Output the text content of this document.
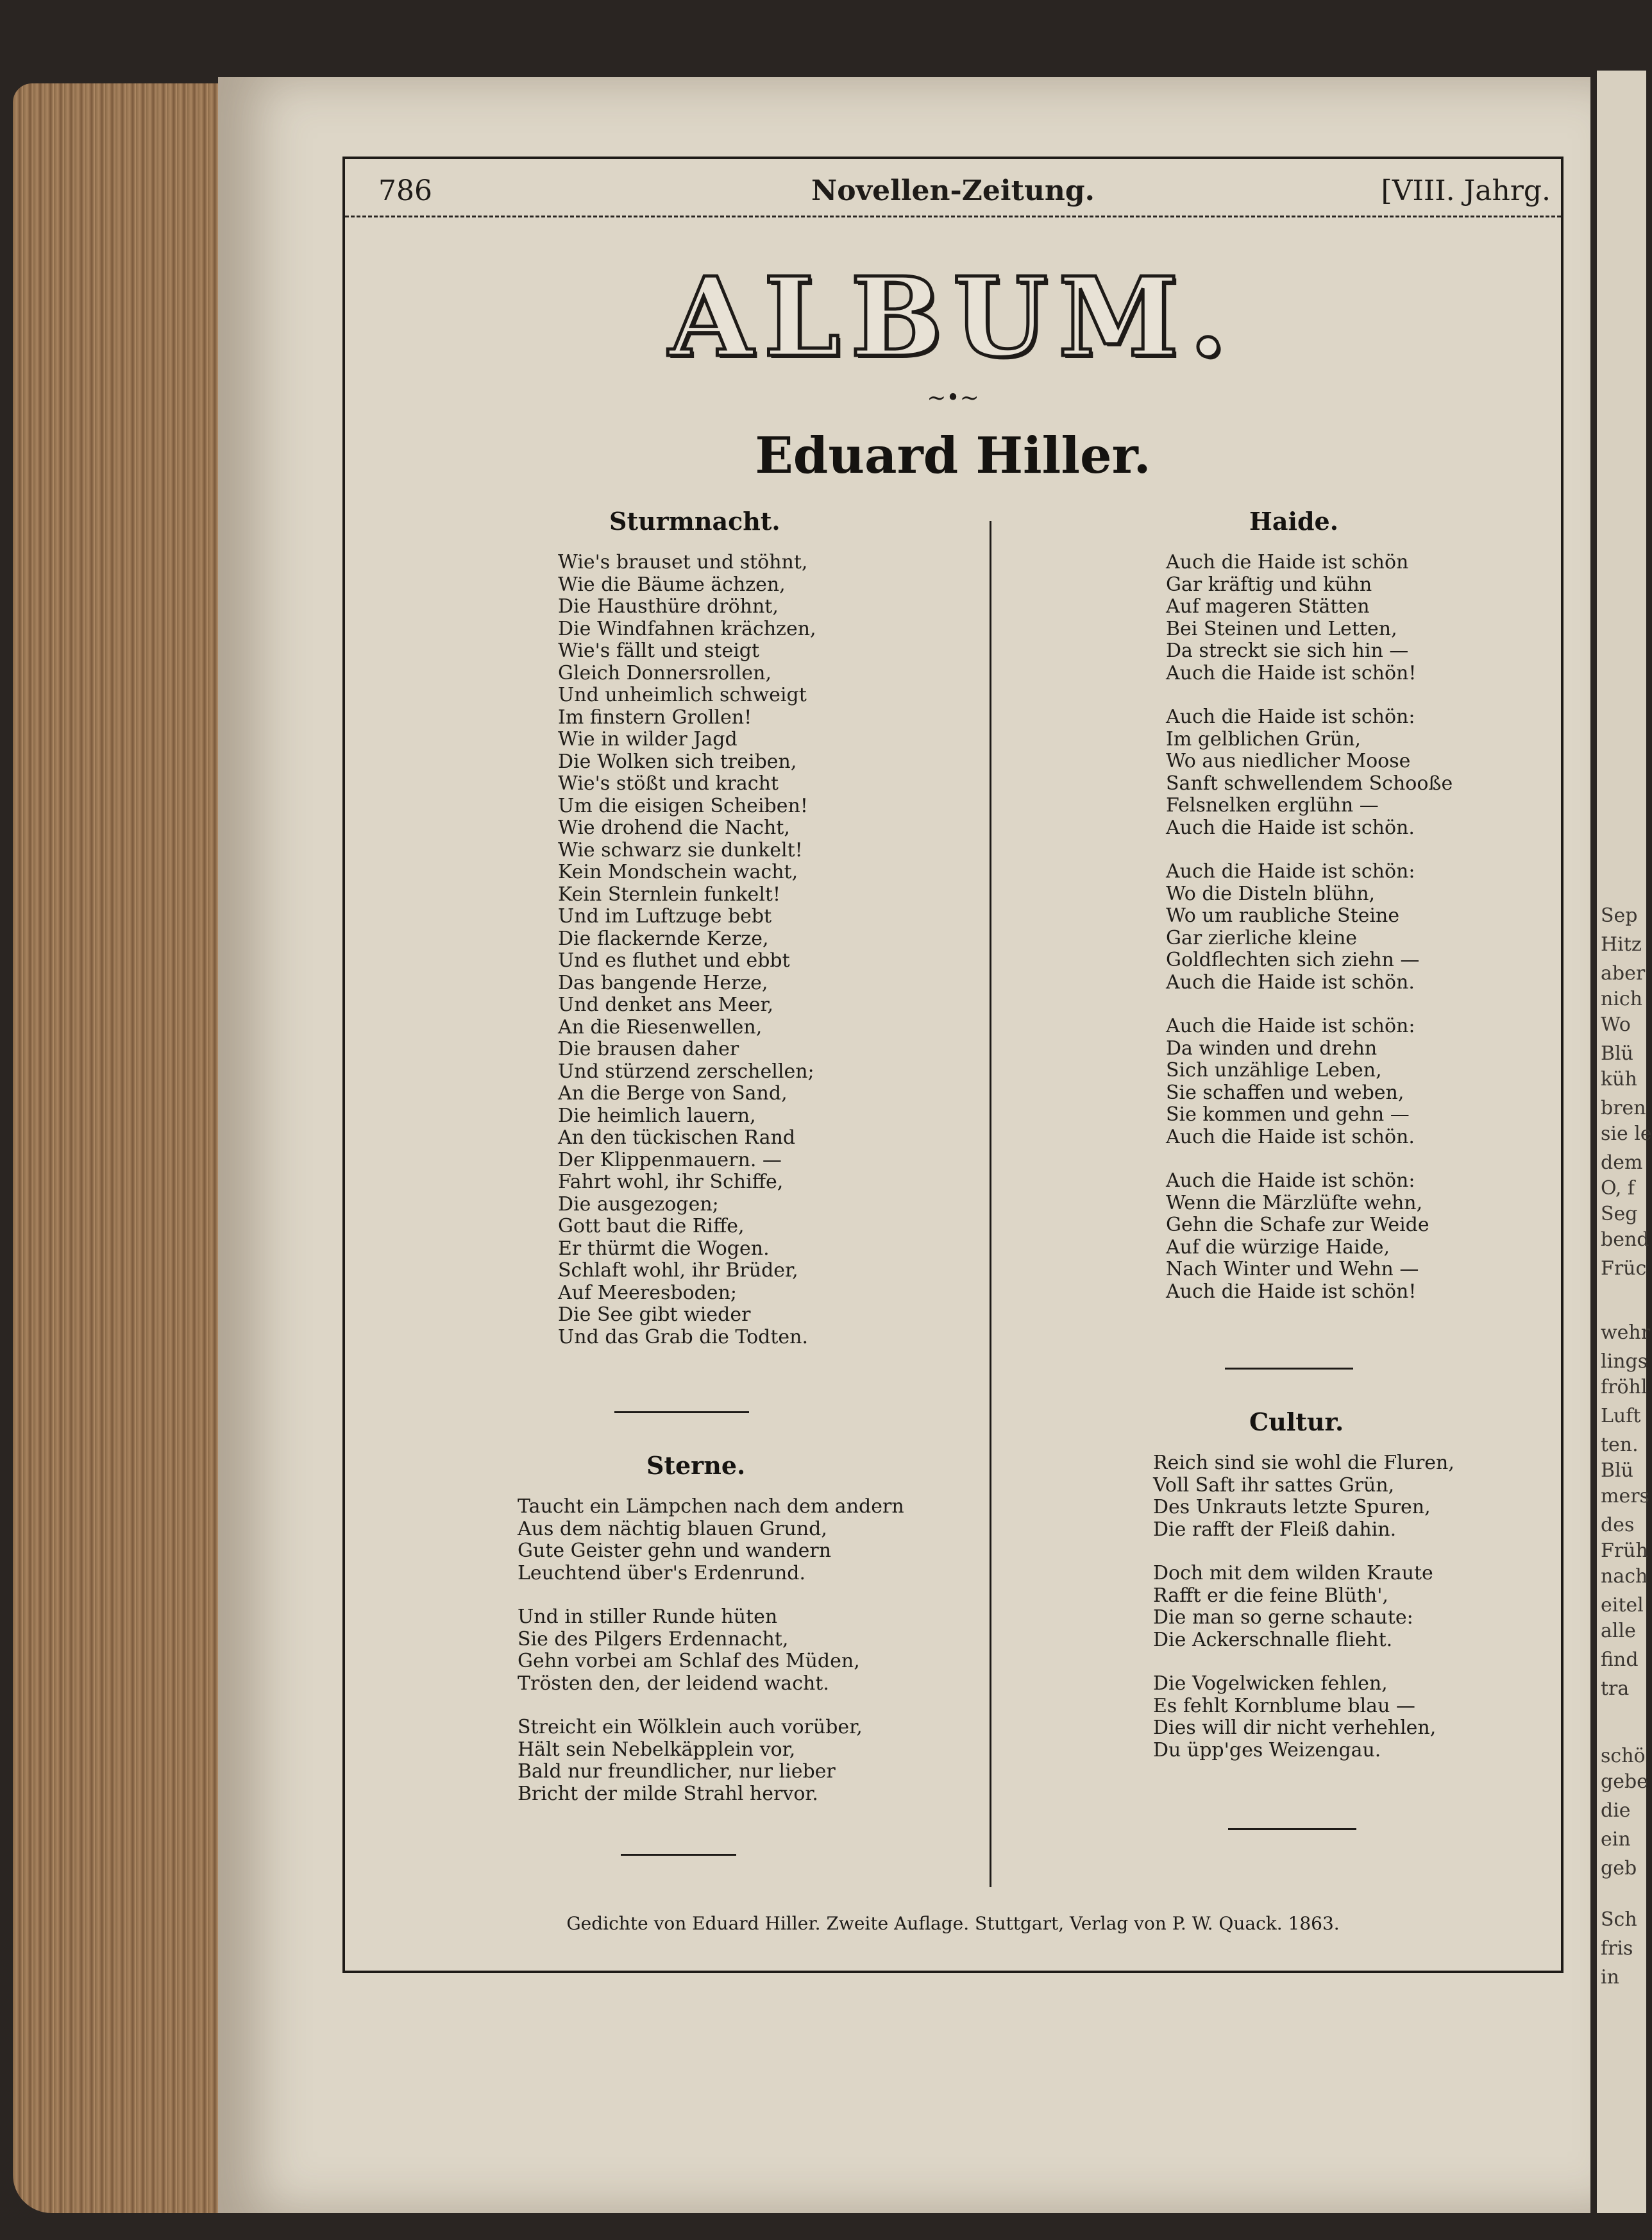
Sep
Hitz
aber
nich
Wo
Blü
küh
bren
sie le
dem
O, f
Seg
bend
Früc
wehr
lings
fröhl
Luft
ten.
Blü
mers
des
Früh
nach
eitel
alle
find
tra
schö
gebe
die
ein
geb
Sch
fris
in
786	Novellen-Zeitung.	[VIII. Jahrg.
ALBUM.
~•~
Eduard Hiller.
Sturmnacht.
Wie's brauset und stöhnt,
Wie die Bäume ächzen,
Die Hausthüre dröhnt,
Die Windfahnen krächzen,
Wie's fällt und steigt
Gleich Donnersrollen,
Und unheimlich schweigt
Im finstern Grollen!
Wie in wilder Jagd
Die Wolken sich treiben,
Wie's stößt und kracht
Um die eisigen Scheiben!
Wie drohend die Nacht,
Wie schwarz sie dunkelt!
Kein Mondschein wacht,
Kein Sternlein funkelt!
Und im Luftzuge bebt
Die flackernde Kerze,
Und es fluthet und ebbt
Das bangende Herze,
Und denket ans Meer,
An die Riesenwellen,
Die brausen daher
Und stürzend zerschellen;
An die Berge von Sand,
Die heimlich lauern,
An den tückischen Rand
Der Klippenmauern. —
Fahrt wohl, ihr Schiffe,
Die ausgezogen;
Gott baut die Riffe,
Er thürmt die Wogen.
Schlaft wohl, ihr Brüder,
Auf Meeresboden;
Die See gibt wieder
Und das Grab die Todten.
Sterne.
Taucht ein Lämpchen nach dem andern
Aus dem nächtig blauen Grund,
Gute Geister gehn und wandern
Leuchtend über's Erdenrund.
Und in stiller Runde hüten
Sie des Pilgers Erdennacht,
Gehn vorbei am Schlaf des Müden,
Trösten den, der leidend wacht.
Streicht ein Wölklein auch vorüber,
Hält sein Nebelkäpplein vor,
Bald nur freundlicher, nur lieber
Bricht der milde Strahl hervor.
Haide.
Auch die Haide ist schön
Gar kräftig und kühn
Auf mageren Stätten
Bei Steinen und Letten,
Da streckt sie sich hin —
Auch die Haide ist schön!
Auch die Haide ist schön:
Im gelblichen Grün,
Wo aus niedlicher Moose
Sanft schwellendem Schooße
Felsnelken erglühn —
Auch die Haide ist schön.
Auch die Haide ist schön:
Wo die Disteln blühn,
Wo um raubliche Steine
Gar zierliche kleine
Goldflechten sich ziehn —
Auch die Haide ist schön.
Auch die Haide ist schön:
Da winden und drehn
Sich unzählige Leben,
Sie schaffen und weben,
Sie kommen und gehn —
Auch die Haide ist schön.
Auch die Haide ist schön:
Wenn die Märzlüfte wehn,
Gehn die Schafe zur Weide
Auf die würzige Haide,
Nach Winter und Wehn —
Auch die Haide ist schön!
Cultur.
Reich sind sie wohl die Fluren,
Voll Saft ihr sattes Grün,
Des Unkrauts letzte Spuren,
Die rafft der Fleiß dahin.
Doch mit dem wilden Kraute
Rafft er die feine Blüth',
Die man so gerne schaute:
Die Ackerschnalle flieht.
Die Vogelwicken fehlen,
Es fehlt Kornblume blau —
Dies will dir nicht verhehlen,
Du üpp'ges Weizengau.
Gedichte von Eduard Hiller. Zweite Auflage. Stuttgart, Verlag von P. W. Quack. 1863.
